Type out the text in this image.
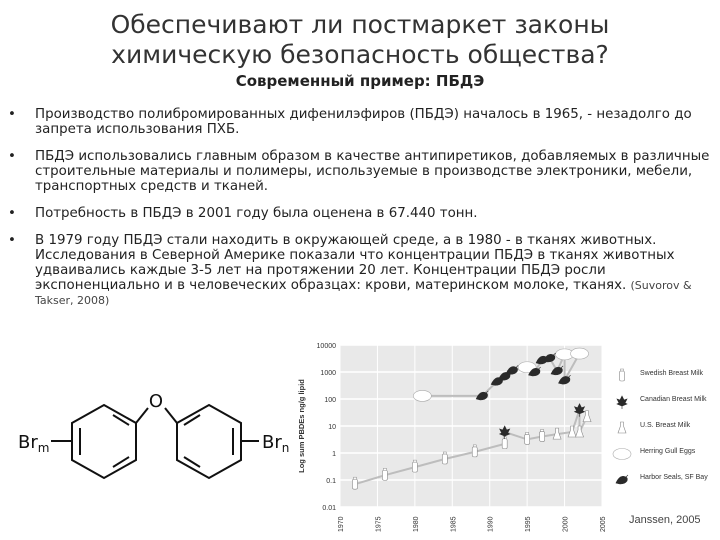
Обеспечивают ли постмаркет законы химическую безопасность общества?
Современный пример: ПБДЭ
• Производство полибромированных дифенилэфиров (ПБДЭ) началось в 1965, - незадолго до запрета использования ПХБ.
• ПБДЭ использовались главным образом в качестве антипиретиков, добавляемых в различные строительные материалы и полимеры, используемые в производстве электроники, мебели, транспортных средств и тканей.
• Потребность в ПБДЭ в 2001 году была оценена в 67.440 тонн.
• В 1979 году ПБДЭ стали находить в окружающей среде, а в 1980 - в тканях животных. Исследования в Северной Америке показали что концентрации ПБДЭ в тканях животных удваивались каждые 3-5 лет на протяжении 20 лет. Концентрации ПБДЭ росли экспоненциально и в человеческих образцах: крови, материнском молоке, тканях. (Suvorov & Takser, 2008)
O
$Br_m$	$Br_n$
10000
1000
100
10
1
0.1
0.01
1970	1975	1980	1985	1990	1995	2000	2005
Log sum PBDEs ng/g lipid
Swedish Breast Milk
Canadian Breast Milk
U.S. Breast Milk
Herring Gull Eggs
Harbor Seals, SF Bay
Janssen, 2005
